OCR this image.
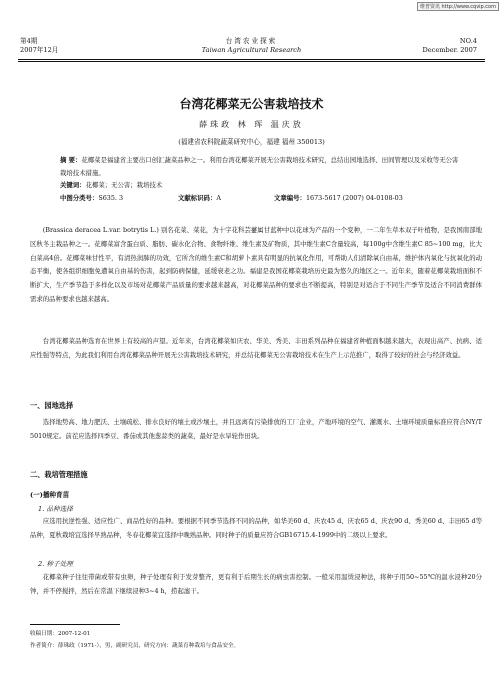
维普资讯 http://www.cqvip.com
第4期
2007年12月
台湾农业探索
Taiwan Agricultural Research
NO.4
December. 2007
台湾花椰菜无公害栽培技术
薛珠政 林 珲 温庆放
(福建省农科院蔬菜研究中心，福建 福州 350013)
摘 要：花椰菜是福建省主要出口创汇蔬菜品种之一。利用台湾花椰菜开展无公害栽培技术研究，总结出园地选择、田间管理以及采收等无公害栽培技术措施。
关键词：花椰菜；无公害；栽培技术
中图分类号：S635. 3	文献标识码：A	文章编号：1673-5617 (2007) 04-0108-03
(Brassica deracea L.var. botrytis L.) 别名花菜、菜花，为十字花科芸薹属甘蓝种中以花球为产品的一个变种，一二年生草本双子叶植物，是我国南部地区秋冬主栽品种之一。花椰菜富含蛋白质、脂肪、碳水化合物、食物纤维、维生素及矿物质，其中维生素C含量较高，每100g中含维生素C 85~100 mg，比大白菜高4倍。花椰菜味甘性平，有清热润肺的功效，它所含的维生素C和胡萝卜素具有明显的抗氧化作用，可帮助人们清除氧自由基，维护体内氧化与抗氧化的动态平衡，使各组织细胞免遭氧自由基的伤害，起到防病保健，延缓衰老之功。福建是我国花椰菜栽培历史最为悠久的地区之一。近年来，随着花椰菜栽培面积不断扩大，生产季节趋于多样化以及市场对花椰菜产品质量的要求越来越高，对花椰菜品种的要求也不断提高，特别是对适合于不同生产季节及适合不同消费群体需求的品种要求也越来越高。
台湾花椰菜品种选育在世界上有较高的声望。近年来，台湾花椰菜如庆农、华美、秀美、丰田系列品种在福建省种植面积越来越大，表现出高产、抗病、适应性强等特点，为此我们利用台湾花椰菜品种开展无公害栽培技术研究，并总结花椰菜无公害栽培技术在生产上示范推广，取得了较好的社会与经济效益。
一、园地选择
选择地势高、地力肥沃、土壤疏松、排水良好的壤土或沙壤土，并且远离有污染排放的工厂企业，产地环境的空气、灌溉水、土壤环境质量标准应符合NY/T 5010规定。前茬应选择四季豆、番茄或其他葱蒜类的蔬菜，最好是水旱轮作田块。
二、栽培管理措施
(一)播种育苗
1. 品种选择
应选用抗逆性强、适应性广、商品性好的品种。要根据不同季节选择不同的品种，如华美60 d、庆农45 d、庆农65 d、庆农90 d、秀美60 d、丰田65 d等品种，夏秋栽培宜选择早熟品种，冬春花椰菜宜选择中晚熟品种。同时种子的质量应符合GB16715.4-1999中的二级以上要求。
2. 种子处理
花椰菜种子往往带菌或带有虫卵，种子处理有利于发芽整齐，更有利于后期生长的病虫害控制。一般采用温烫浸种法，将种子用50~55℃的温水浸种20分钟，并不停搅拌，然后在常温下继续浸种3~4 h，捞起滤干。
收稿日期：2007-12-01
作者简介：薛珠政（1971-），男，副研究员，研究方向：蔬菜育种栽培与食品安全。
